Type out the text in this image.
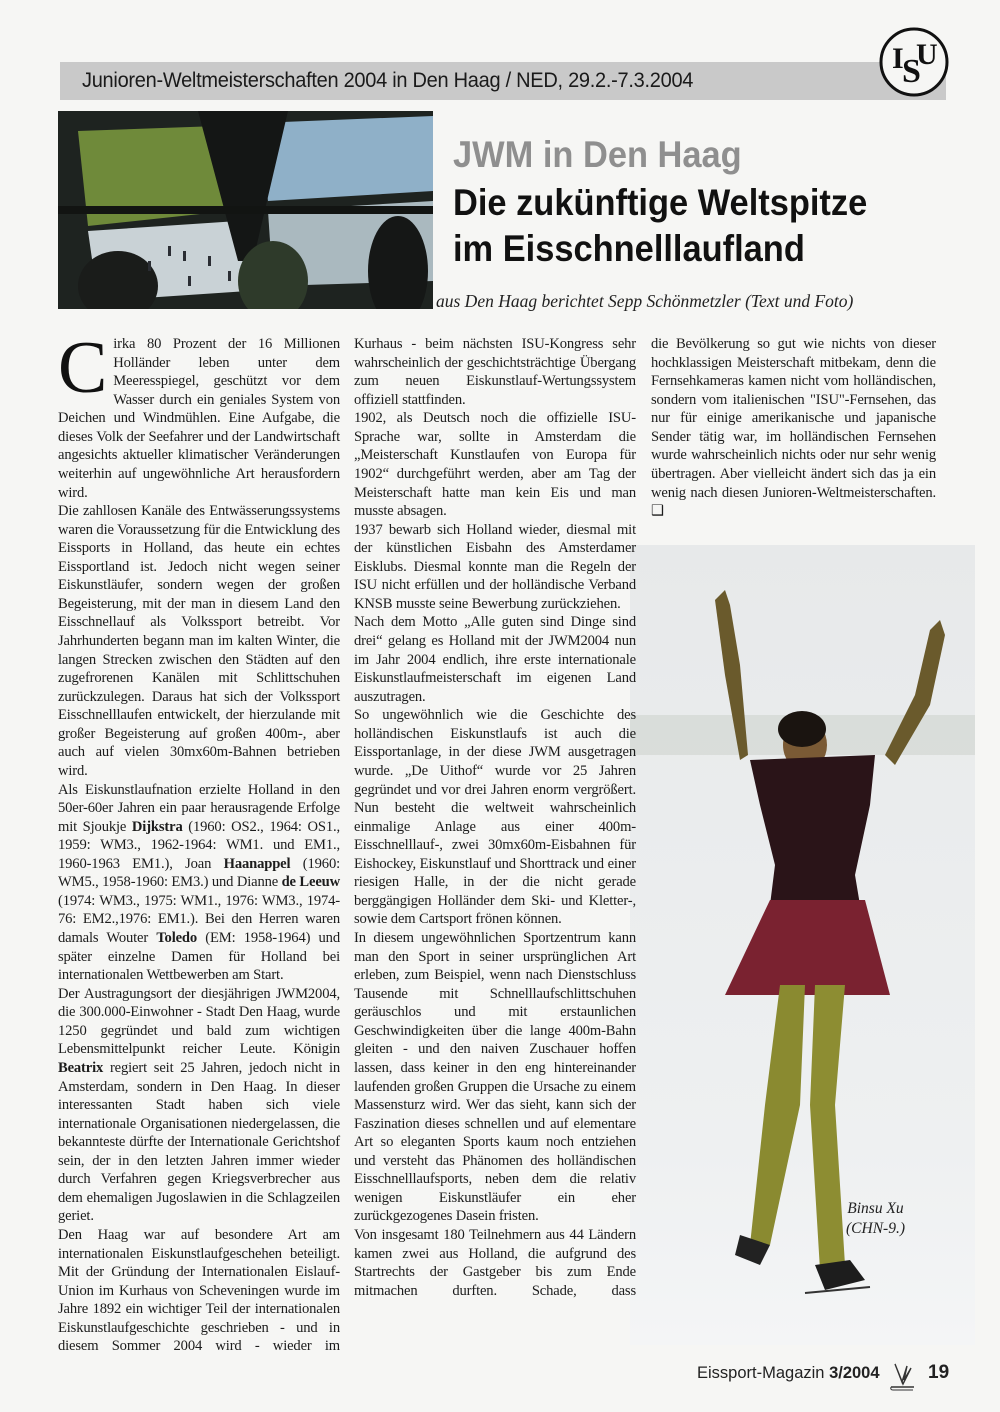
Junioren-Weltmeisterschaften 2004 in Den Haag / NED, 29.2.-7.3.2004
I
S
U
JWM in Den Haag
Die zukünftige Weltspitze
im Eisschnelllaufland
aus Den Haag berichtet Sepp Schönmetzler (Text und Foto)
Binsu Xu
(CHN-9.)

Cirka 80 Prozent der 16 Millionen Holländer leben unter dem Meeresspiegel, geschützt vor dem Wasser durch ein geniales System von Deichen und Windmühlen. Eine Aufgabe, die dieses Volk der Seefahrer und der Landwirtschaft angesichts aktueller klimatischer Veränderungen weiterhin auf ungewöhnliche Art herausfordern wird.

Die zahllosen Kanäle des Entwässerungssystems waren die Voraussetzung für die Entwicklung des Eissports in Holland, das heute ein echtes Eissportland ist. Jedoch nicht wegen seiner Eiskunstläufer, sondern wegen der großen Begeisterung, mit der man in diesem Land den Eisschnellauf als Volkssport betreibt. Vor Jahrhunderten begann man im kalten Winter, die langen Strecken zwischen den Städten auf den zugefrorenen Kanälen mit Schlittschuhen zurückzulegen. Daraus hat sich der Volkssport Eisschnelllaufen entwickelt, der hierzulande mit großer Begeisterung auf großen 400m-, aber auch auf vielen 30mx60m-Bahnen betrieben wird.

Als Eiskunstlaufnation erzielte Holland in den 50er-60er Jahren ein paar herausragende Erfolge mit Sjoukje Dijkstra (1960: OS2., 1964: OS1., 1959: WM3., 1962-1964: WM1. und EM1., 1960-1963 EM1.), Joan Haanappel (1960: WM5., 1958-1960: EM3.) und Dianne de Leeuw (1974: WM3., 1975: WM1., 1976: WM3., 1974-76: EM2.,1976: EM1.). Bei den Herren waren damals Wouter Toledo (EM: 1958-1964) und später einzelne Damen für Holland bei internationalen Wettbewerben am Start.

Der Austragungsort der diesjährigen JWM2004, die 300.000-Einwohner - Stadt Den Haag, wurde 1250 gegründet und bald zum wichtigen Lebensmittelpunkt reicher Leute. Königin Beatrix regiert seit 25 Jahren, jedoch nicht in Amsterdam, sondern in Den Haag. In dieser interessanten Stadt haben sich viele internationale Organisationen niedergelassen, die bekannteste dürfte der Internationale Gerichtshof sein, der in den letzten Jahren immer wieder durch Verfahren gegen Kriegsverbrecher aus dem ehemaligen Jugoslawien in die Schlagzeilen geriet.

Den Haag war auf besondere Art am internationalen Eiskunstlaufgeschehen beteiligt. Mit der Gründung der Internationalen Eislauf-Union im Kurhaus von Scheveningen wurde im Jahre 1892 ein wichtiger Teil der internationalen Eiskunstlaufgeschichte geschrieben - und in diesem Sommer 2004 wird - wieder im

Kurhaus - beim nächsten ISU-Kongress sehr wahrscheinlich der geschichtsträchtige Übergang zum neuen Eiskunstlauf-Wertungssystem offiziell stattfinden.

1902, als Deutsch noch die offizielle ISU-Sprache war, sollte in Amsterdam die „Meisterschaft Kunstlaufen von Europa für 1902“ durchgeführt werden, aber am Tag der Meisterschaft hatte man kein Eis und man musste absagen.

1937 bewarb sich Holland wieder, diesmal mit der künstlichen Eisbahn des Amsterdamer Eisklubs. Diesmal konnte man die Regeln der ISU nicht erfüllen und der holländische Verband KNSB musste seine Bewerbung zurückziehen.

Nach dem Motto „Alle guten sind Dinge sind drei“ gelang es Holland mit der JWM2004 nun im Jahr 2004 endlich, ihre erste internationale Eiskunstlaufmeisterschaft im eigenen Land auszutragen.

So ungewöhnlich wie die Geschichte des holländischen Eiskunstlaufs ist auch die Eissportanlage, in der diese JWM ausgetragen wurde. „De Uithof“ wurde vor 25 Jahren gegründet und vor drei Jahren enorm vergrößert. Nun besteht die weltweit wahrscheinlich einmalige Anlage aus einer 400m-Eisschnelllauf-, zwei 30mx60m-Eisbahnen für Eishockey, Eiskunstlauf und Shorttrack und einer riesigen Halle, in der die nicht gerade berggängigen Holländer dem Ski- und Kletter-, sowie dem Cartsport frönen können.

In diesem ungewöhnlichen Sportzentrum kann man den Sport in seiner ursprünglichen Art erleben, zum Beispiel, wenn nach Dienstschluss Tausende mit Schnelllaufschlittschuhen geräuschlos und mit erstaunlichen Geschwindigkeiten über die lange 400m-Bahn gleiten - und den naiven Zuschauer hoffen lassen, dass keiner in den eng hintereinander laufenden großen Gruppen die Ursache zu einem Massensturz wird. Wer das sieht, kann sich der Faszination dieses schnellen und auf elementare Art so eleganten Sports kaum noch entziehen und versteht das Phänomen des holländischen Eisschnelllaufsports, neben dem die relativ wenigen Eiskunstläufer ein eher zurückgezogenes Dasein fristen.

Von insgesamt 180 Teilnehmern aus 44 Ländern kamen zwei aus Holland, die aufgrund des Startrechts der Gastgeber bis zum Ende mitmachen durften. Schade, dass

die Bevölkerung so gut wie nichts von dieser hochklassigen Meisterschaft mitbekam, denn die Fernsehkameras kamen nicht vom holländischen, sondern vom italienischen "ISU"-Fernsehen, das nur für einige amerikanische und japanische Sender tätig war, im holländischen Fernsehen wurde wahrscheinlich nichts oder nur sehr wenig übertragen. Aber vielleicht ändert sich das ja ein wenig nach diesen Junioren-Weltmeisterschaften. ❑

Eissport-Magazin 3/2004	19
